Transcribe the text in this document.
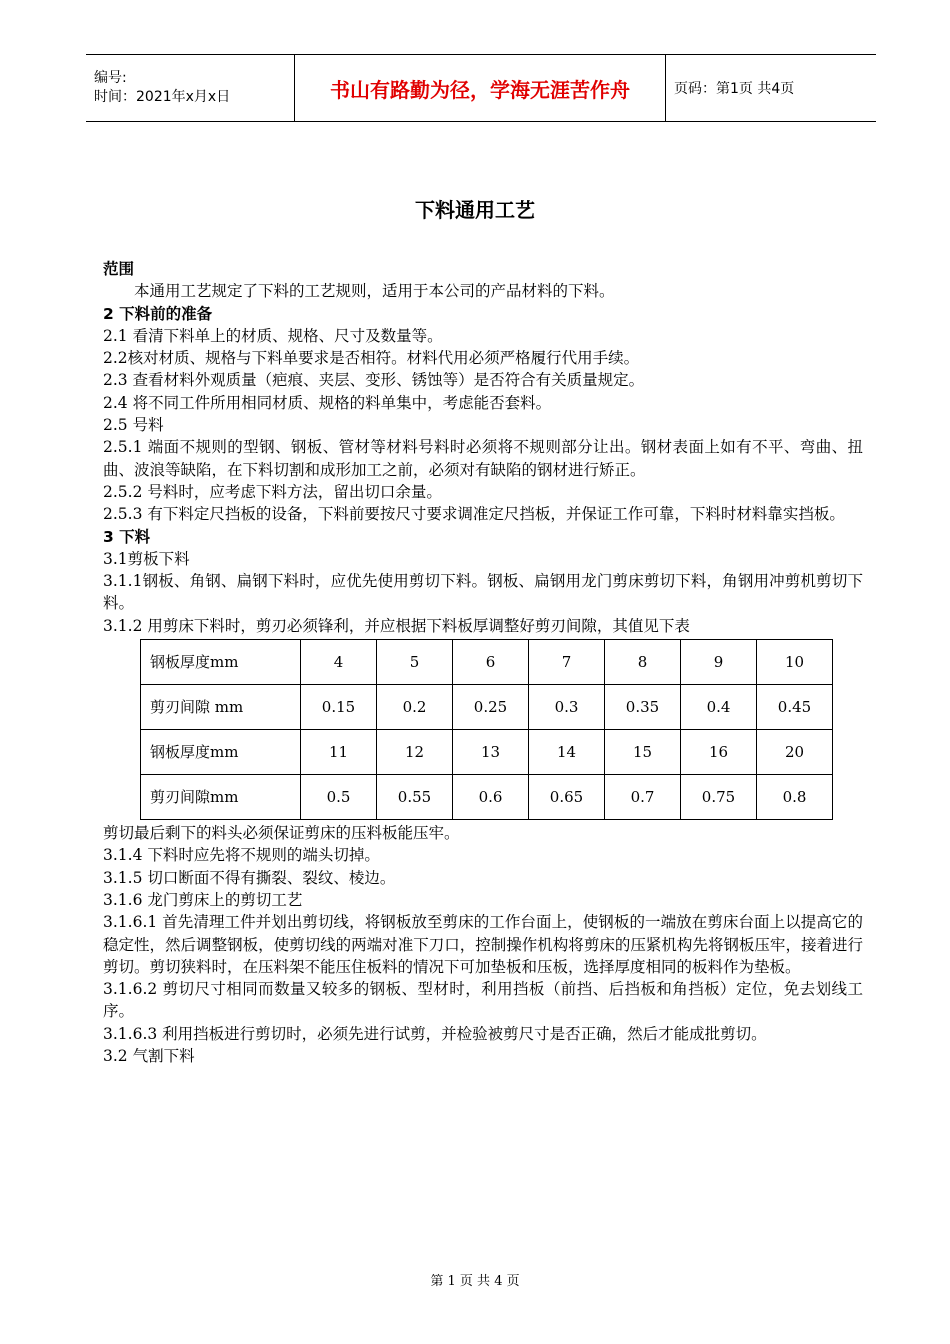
编号:
时间：2021年x月x日	书山有路勤为径，学海无涯苦作舟	页码：第1页 共4页
下料通用工艺
范围
本通用工艺规定了下料的工艺规则，适用于本公司的产品材料的下料。
2 下料前的准备
2.1 看清下料单上的材质、规格、尺寸及数量等。
2.2核对材质、规格与下料单要求是否相符。材料代用必须严格履行代用手续。
2.3 查看材料外观质量（疤痕、夹层、变形、锈蚀等）是否符合有关质量规定。
2.4 将不同工件所用相同材质、规格的料单集中，考虑能否套料。
2.5 号料
2.5.1 端面不规则的型钢、钢板、管材等材料号料时必须将不规则部分让出。钢材表面上如有不平、弯曲、扭曲、波浪等缺陷，在下料切割和成形加工之前，必须对有缺陷的钢材进行矫正。
2.5.2 号料时，应考虑下料方法，留出切口余量。
2.5.3 有下料定尺挡板的设备，下料前要按尺寸要求调准定尺挡板，并保证工作可靠，下料时材料靠实挡板。
3 下料
3.1剪板下料
3.1.1钢板、角钢、扁钢下料时，应优先使用剪切下料。钢板、扁钢用龙门剪床剪切下料，角钢用冲剪机剪切下料。
3.1.2 用剪床下料时，剪刃必须锋利，并应根据下料板厚调整好剪刃间隙，其值见下表
钢板厚度mm	4	5	6	7	8	9	10
剪刃间隙 mm	0.15	0.2	0.25	0.3	0.35	0.4	0.45
钢板厚度mm	11	12	13	14	15	16	20
剪刃间隙mm	0.5	0.55	0.6	0.65	0.7	0.75	0.8
剪切最后剩下的料头必须保证剪床的压料板能压牢。
3.1.4 下料时应先将不规则的端头切掉。
3.1.5 切口断面不得有撕裂、裂纹、棱边。
3.1.6 龙门剪床上的剪切工艺
3.1.6.1 首先清理工件并划出剪切线，将钢板放至剪床的工作台面上，使钢板的一端放在剪床台面上以提高它的稳定性，然后调整钢板，使剪切线的两端对准下刀口，控制操作机构将剪床的压紧机构先将钢板压牢，接着进行剪切。剪切狭料时，在压料架不能压住板料的情况下可加垫板和压板，选择厚度相同的板料作为垫板。
3.1.6.2 剪切尺寸相同而数量又较多的钢板、型材时，利用挡板（前挡、后挡板和角挡板）定位，免去划线工序。
3.1.6.3 利用挡板进行剪切时，必须先进行试剪，并检验被剪尺寸是否正确，然后才能成批剪切。
3.2 气割下料
第 1 页 共 4 页
